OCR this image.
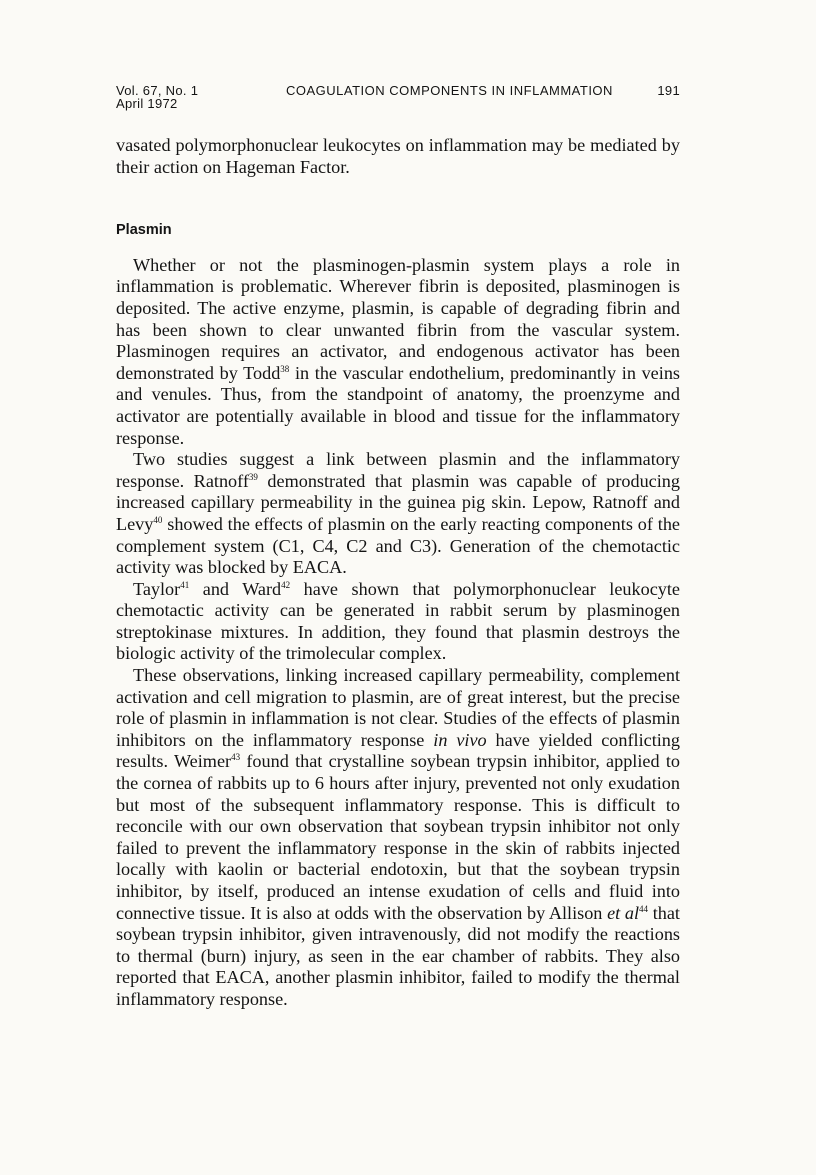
Vol. 67, No. 1
April 1972
COAGULATION COMPONENTS IN INFLAMMATION	191

vasated polymorphonuclear leukocytes on inflammation may be mediated by their action on Hageman Factor.

Plasmin

Whether or not the plasminogen-plasmin system plays a role in inflammation is problematic. Wherever fibrin is deposited, plasminogen is deposited. The active enzyme, plasmin, is capable of degrading fibrin and has been shown to clear unwanted fibrin from the vascular system. Plasminogen requires an activator, and endogenous activator has been demonstrated by Todd$^{38}$ in the vascular endothelium, predominantly in veins and venules. Thus, from the standpoint of anatomy, the proenzyme and activator are potentially available in blood and tissue for the inflammatory response.

Two studies suggest a link between plasmin and the inflammatory response. Ratnoff$^{39}$ demonstrated that plasmin was capable of producing increased capillary permeability in the guinea pig skin. Lepow, Ratnoff and Levy$^{40}$ showed the effects of plasmin on the early reacting components of the complement system (C1, C4, C2 and C3). Generation of the chemotactic activity was blocked by EACA.

Taylor$^{41}$ and Ward$^{42}$ have shown that polymorphonuclear leukocyte chemotactic activity can be generated in rabbit serum by plasminogen streptokinase mixtures. In addition, they found that plasmin destroys the biologic activity of the trimolecular complex.

These observations, linking increased capillary permeability, complement activation and cell migration to plasmin, are of great interest, but the precise role of plasmin in inflammation is not clear. Studies of the effects of plasmin inhibitors on the inflammatory response in vivo have yielded conflicting results. Weimer$^{43}$ found that crystalline soybean trypsin inhibitor, applied to the cornea of rabbits up to 6 hours after injury, prevented not only exudation but most of the subsequent inflammatory response. This is difficult to reconcile with our own observation that soybean trypsin inhibitor not only failed to prevent the inflammatory response in the skin of rabbits injected locally with kaolin or bacterial endotoxin, but that the soybean trypsin inhibitor, by itself, produced an intense exudation of cells and fluid into connective tissue. It is also at odds with the observation by Allison et al$^{44}$ that soybean trypsin inhibitor, given intravenously, did not modify the reactions to thermal (burn) injury, as seen in the ear chamber of rabbits. They also reported that EACA, another plasmin inhibitor, failed to modify the thermal inflammatory response.
